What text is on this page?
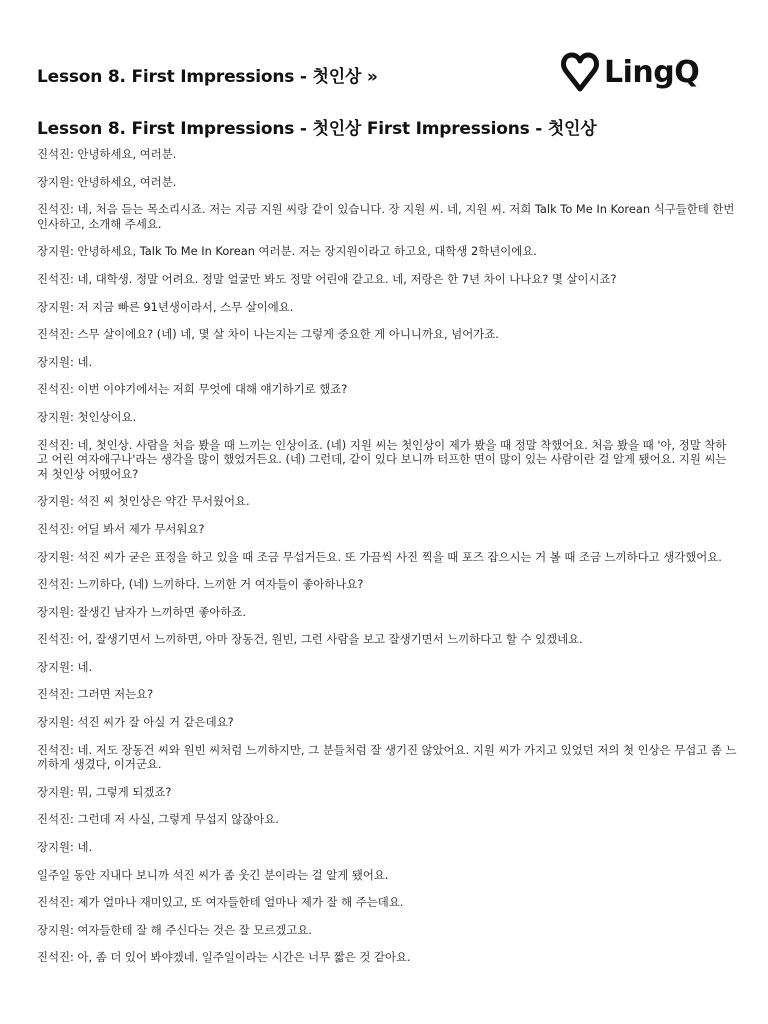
Lesson 8. First Impressions - 첫인상 »	LingQ
Lesson 8. First Impressions - 첫인상 First Impressions - 첫인상

진석진: 안녕하세요, 여러분.

장지원: 안녕하세요, 여러분.

진석진: 네, 처음 듣는 목소리시죠. 저는 지금 지원 씨랑 같이 있습니다. 장 지원 씨. 네, 지원 씨. 저희 Talk To Me In Korean 식구들한테 한번 인사하고, 소개해 주세요.

장지원: 안녕하세요, Talk To Me In Korean 여러분. 저는 장지원이라고 하고요, 대학생 2학년이에요.

진석진: 네, 대학생. 정말 어려요. 정말 얼굴만 봐도 정말 어린애 같고요. 네, 저랑은 한 7년 차이 나나요? 몇 살이시죠?

장지원: 저 지금 빠른 91년생이라서, 스무 살이에요.

진석진: 스무 살이에요? (네) 네, 몇 살 차이 나는지는 그렇게 중요한 게 아니니까요, 넘어가죠.

장지원: 네.

진석진: 이번 이야기에서는 저희 무엇에 대해 얘기하기로 했죠?

장지원: 첫인상이요.

진석진: 네, 첫인상. 사람을 처음 봤을 때 느끼는 인상이죠. (네) 지원 씨는 첫인상이 제가 봤을 때 정말 착했어요. 처음 봤을 때 '아, 정말 착하고 어린 여자애구나'라는 생각을 많이 했었거든요. (네) 그런데, 같이 있다 보니까 터프한 면이 많이 있는 사람이란 걸 알게 됐어요. 지원 씨는 저 첫인상 어땠어요?

장지원: 석진 씨 첫인상은 약간 무서웠어요.

진석진: 어딜 봐서 제가 무서워요?

장지원: 석진 씨가 굳은 표정을 하고 있을 때 조금 무섭거든요. 또 가끔씩 사진 찍을 때 포즈 잡으시는 거 볼 때 조금 느끼하다고 생각했어요.

진석진: 느끼하다, (네) 느끼하다. 느끼한 거 여자들이 좋아하나요?

장지원: 잘생긴 남자가 느끼하면 좋아하죠.

진석진: 어, 잘생기면서 느끼하면, 아마 장동건, 원빈, 그런 사람을 보고 잘생기면서 느끼하다고 할 수 있겠네요.

장지원: 네.

진석진: 그러면 저는요?

장지원: 석진 씨가 잘 아실 거 같은데요?

진석진: 네. 저도 장동건 씨와 원빈 씨처럼 느끼하지만, 그 분들처럼 잘 생기진 않았어요. 지원 씨가 가지고 있었던 저의 첫 인상은 무섭고 좀 느끼하게 생겼다, 이거군요.

장지원: 뭐, 그렇게 되겠죠?

진석진: 그런데 저 사실, 그렇게 무섭지 않잖아요.

장지원: 네.

일주일 동안 지내다 보니까 석진 씨가 좀 웃긴 분이라는 걸 알게 됐어요.

진석진: 제가 얼마나 재미있고, 또 여자들한테 얼마나 제가 잘 해 주는데요.

장지원: 여자들한테 잘 해 주신다는 것은 잘 모르겠고요.

진석진: 아, 좀 더 있어 봐야겠네. 일주일이라는 시간은 너무 짧은 것 같아요.
